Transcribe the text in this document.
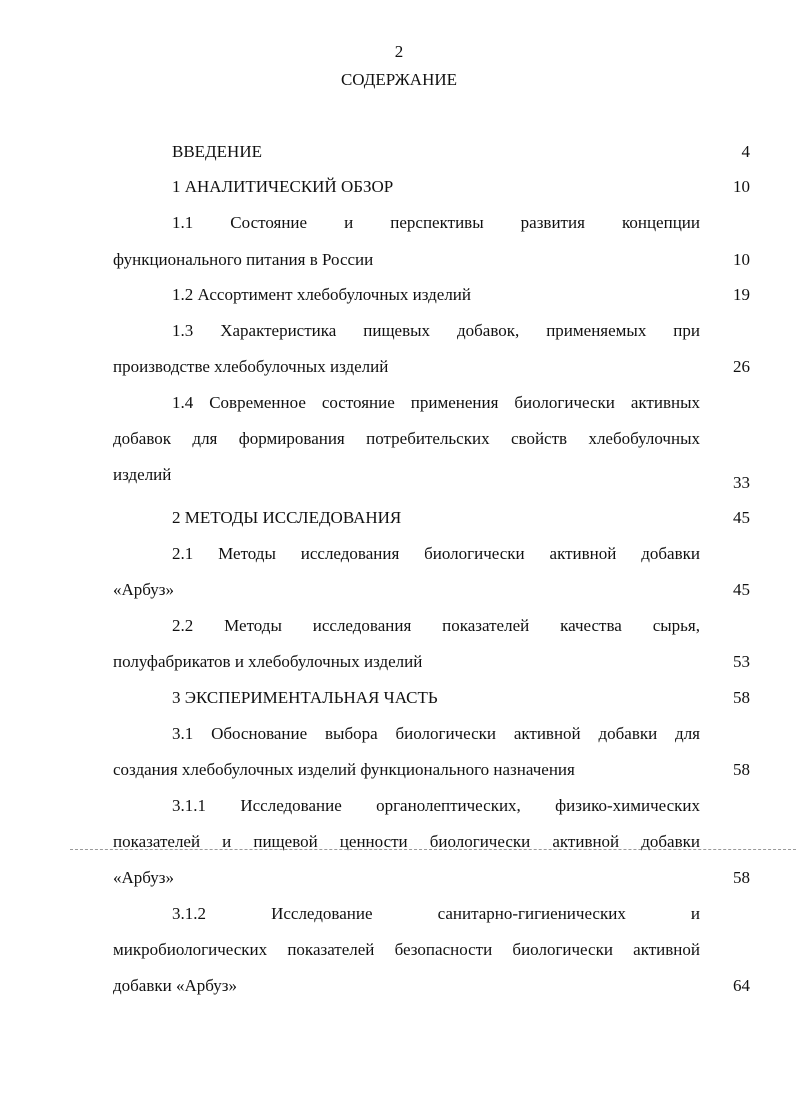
2
СОДЕРЖАНИЕ
ВВЕДЕНИЕ	4
1 АНАЛИТИЧЕСКИЙ ОБЗОР	10
1.1 Состояние и перспективы развития концепции
функционального питания в России	10
1.2 Ассортимент хлебобулочных изделий	19
1.3 Характеристика пищевых добавок, применяемых при
производстве хлебобулочных изделий	26
1.4 Современное состояние применения биологически активных
добавок для формирования потребительских свойств хлебобулочных
изделий	33
2 МЕТОДЫ ИССЛЕДОВАНИЯ	45
2.1 Методы исследования биологически активной добавки
«Арбуз»	45
2.2 Методы исследования показателей качества сырья,
полуфабрикатов и хлебобулочных изделий	53
3 ЭКСПЕРИМЕНТАЛЬНАЯ ЧАСТЬ	58
3.1 Обоснование выбора биологически активной добавки для
создания хлебобулочных изделий функционального назначения	58
3.1.1 Исследование органолептических, физико-химических
показателей и пищевой ценности биологически активной добавки
«Арбуз»	58
3.1.2 Исследование санитарно-гигиенических и
микробиологических показателей безопасности биологически активной
добавки «Арбуз»	64
